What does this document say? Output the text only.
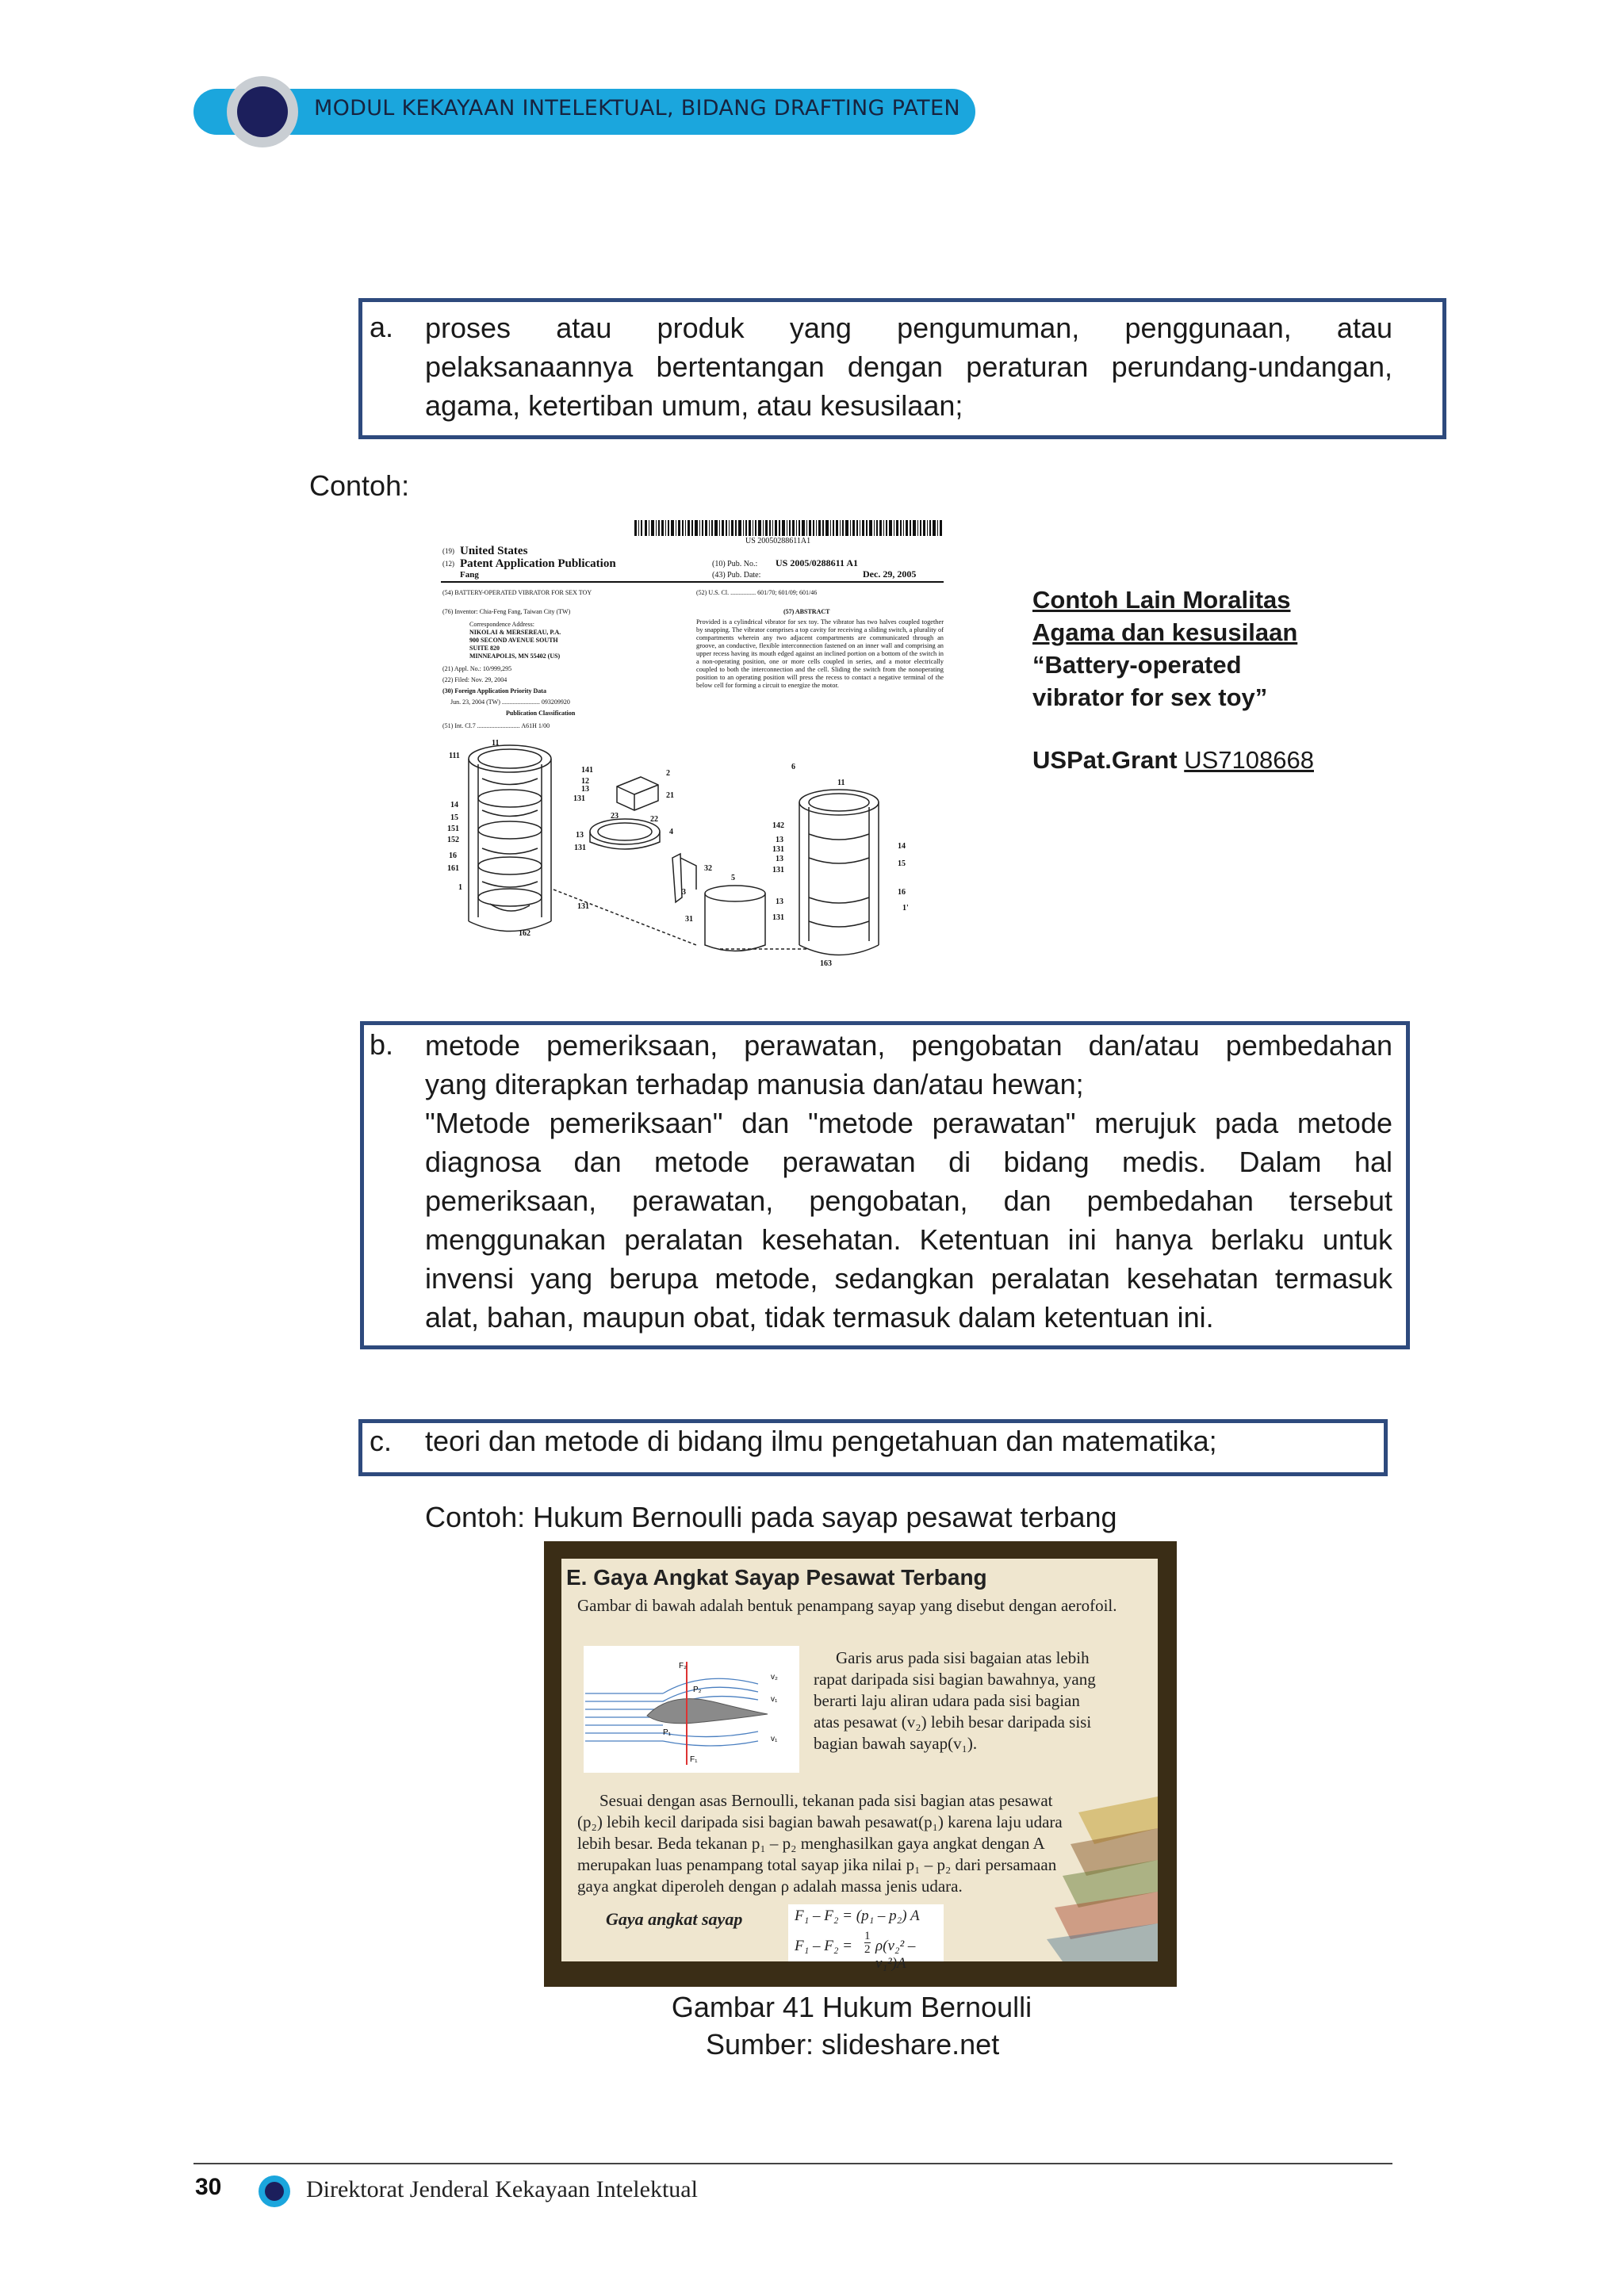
MODUL KEKAYAAN INTELEKTUAL, BIDANG DRAFTING PATEN
a. proses atau produk yang pengumuman, penggunaan, atau
pelaksanaannya bertentangan dengan peraturan perundang-undangan,
agama, ketertiban umum, atau kesusilaan;
Contoh:
US 20050288611A1
(19) United States
(12) Patent Application Publication
Fang
(10) Pub. No.: US 2005/0288611 A1
(43) Pub. Date:	Dec. 29, 2005
(54) BATTERY-OPERATED VIBRATOR FOR SEX TOY
(76) Inventor: Chia-Feng Fang, Taiwan City (TW)
Correspondence Address:
NIKOLAI & MERSEREAU, P.A.
900 SECOND AVENUE SOUTH
SUITE 820
MINNEAPOLIS, MN 55402 (US)
(21) Appl. No.: 10/999,295
(22) Filed: Nov. 29, 2004
(30) Foreign Application Priority Data
Jun. 23, 2004 (TW) ........................ 093209920
Publication Classification
(51) Int. Cl.7 ........................... A61H 1/00
(52) U.S. Cl. ................ 601/70; 601/09; 601/46
(57) ABSTRACT
Provided is a cylindrical vibrator for sex toy. The vibrator has two halves coupled together by snapping. The vibrator comprises a top cavity for receiving a sliding switch, a plurality of compartments wherein any two adjacent compartments are communicated through an groove, an conductive, flexible interconnection fastened on an inner wall and comprising an upper recess having its mouth edged against an inclined portion on a bottom of the switch in a non-operating position, one or more cells coupled in series, and a motor electrically coupled to both the interconnection and the cell. Sliding the switch from the nonoperating position to an operating position will press the recess to contact a negative terminal of the below cell for forming a circuit to energize the motor.
11
111
141
12
13
131
14
15
151
152
16
161
1
162
23	22
2
21
4
32
3
31
5
13
131
131
6
11
142
13
131
13
131
14
15
16
1'
13
131
163
Contoh Lain Moralitas
Agama dan kesusilaan
“Battery-operated
vibrator for sex toy”
USPat.Grant US7108668
b. metode pemeriksaan, perawatan, pengobatan dan/atau pembedahan
yang diterapkan terhadap manusia dan/atau hewan;
"Metode pemeriksaan" dan "metode perawatan" merujuk pada metode
diagnosa dan metode perawatan di bidang medis. Dalam hal
pemeriksaan, perawatan, pengobatan, dan pembedahan tersebut
menggunakan peralatan kesehatan. Ketentuan ini hanya berlaku untuk
invensi yang berupa metode, sedangkan peralatan kesehatan termasuk
alat, bahan, maupun obat, tidak termasuk dalam ketentuan ini.
c. teori dan metode di bidang ilmu pengetahuan dan matematika;
Contoh: Hukum Bernoulli pada sayap pesawat terbang
E. Gaya Angkat Sayap Pesawat Terbang
Gambar di bawah adalah bentuk penampang sayap yang disebut dengan aerofoil.
F₂
v₂
v₁
P₂
P₁
F₁
v₁
Garis arus pada sisi bagaian atas lebih
rapat daripada sisi bagian bawahnya, yang
berarti laju aliran udara pada sisi bagian
atas pesawat (v₂) lebih besar daripada sisi
bagian bawah sayap(v₁).
Sesuai dengan asas Bernoulli, tekanan pada sisi bagian atas pesawat
(p₂) lebih kecil daripada sisi bagian bawah pesawat(p₁) karena laju udara
lebih besar. Beda tekanan p₁ – p₂ menghasilkan gaya angkat dengan A
merupakan luas penampang total sayap jika nilai p₁ – p₂ dari persamaan
gaya angkat diperoleh dengan ρ adalah massa jenis udara.
Gaya angkat sayap	F₁ – F₂ = (p₁ – p₂) A
$F_1 - F_2 = \frac{1}{2} \rho(v_2^2 - v_1^2)A$
Gambar 41 Hukum Bernoulli
Sumber: slideshare.net
30	Direktorat Jenderal Kekayaan Intelektual
